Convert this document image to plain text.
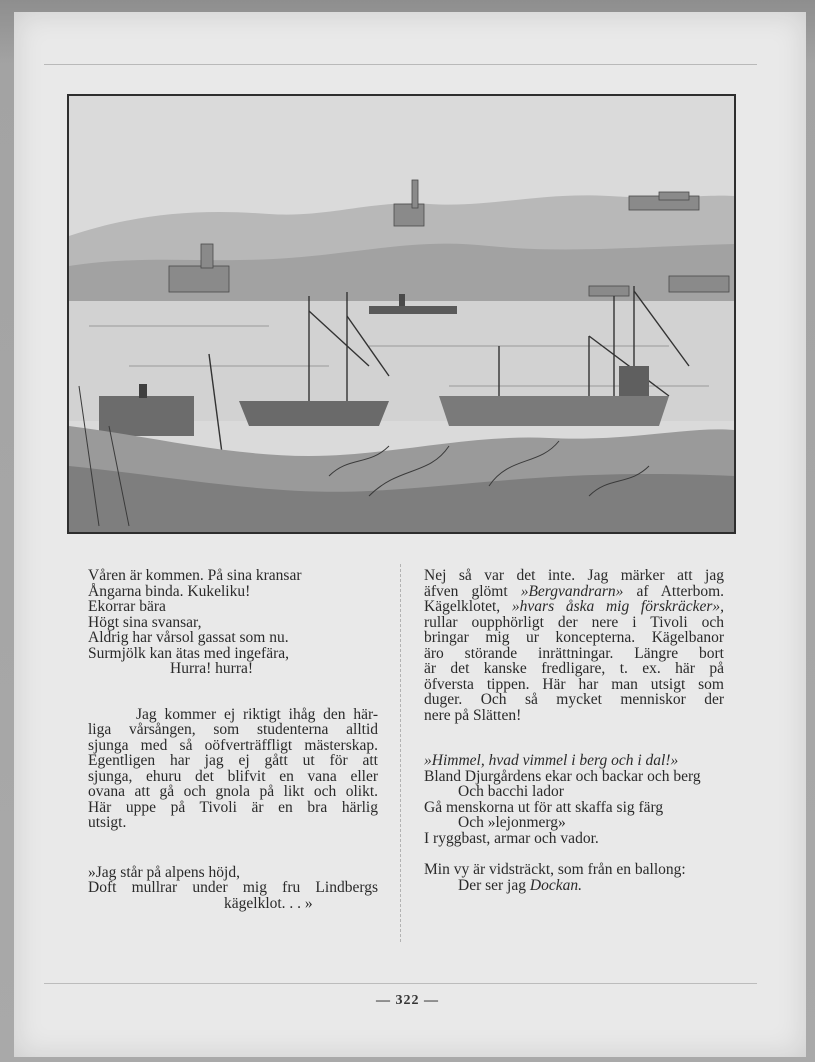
Våren är kommen. På sina kransar
Ångarna binda. Kukeliku!
Ekorrar bära
Högt sina svansar,
Aldrig har vårsol gassat som nu.
Surmjölk kan ätas med ingefära,
Hurra! hurra!
Jag kommer ej riktigt ihåg den här-
liga vårsången, som studenterna alltid
sjunga med så oöfverträffligt mästerskap.
Egentligen har jag ej gått ut för att
sjunga, ehuru det blifvit en vana eller
ovana att gå och gnola på likt och olikt.
Här uppe på Tivoli är en bra härlig
utsigt.
»Jag står på alpens höjd,
Doft mullrar under mig fru Lindbergs
kägelklot. . . »
Nej så var det inte. Jag märker att jag
äfven glömt »Bergvandrarn» af Atterbom.
Kägelklotet, »hvars åska mig förskräcker»,
rullar oupphörligt der nere i Tivoli och
bringar mig ur koncepterna. Kägelbanor
äro störande inrättningar. Längre bort
är det kanske fredligare, t. ex. här på
öfversta tippen. Här har man utsigt som
duger. Och så mycket menniskor der
nere på Slätten!
»Himmel, hvad vimmel i berg och i dal!»
Bland Djurgårdens ekar och backar och berg
Och bacchi lador
Gå menskorna ut för att skaffa sig färg
Och »lejonmerg»
I ryggbast, armar och vador.
Min vy är vidsträckt, som från en ballong:
Der ser jag Dockan.
— 322 —
